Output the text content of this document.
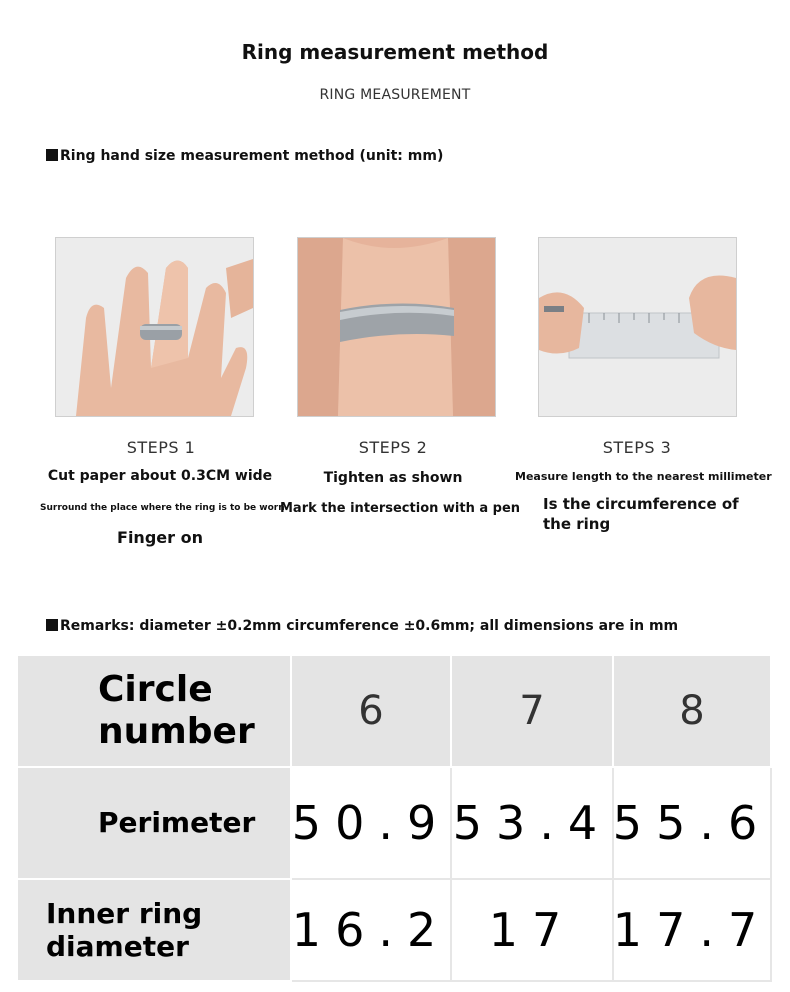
Ring measurement method
RING MEASUREMENT
Ring hand size measurement method (unit: mm)
STEPS 1	STEPS 2	STEPS 3
Cut paper about 0.3CM wide
Surround the place where the ring is to be worn
Finger on
Tighten as shown
Mark the intersection with a pen
Measure length to the nearest millimeter
Is the circumference of
the ring
Remarks: diameter ±0.2mm circumference ±0.6mm; all dimensions are in mm
Circle number	6	7	8
Perimeter 50.9 53.4 55.6
Inner ring diameter	16.2 17 17.7
